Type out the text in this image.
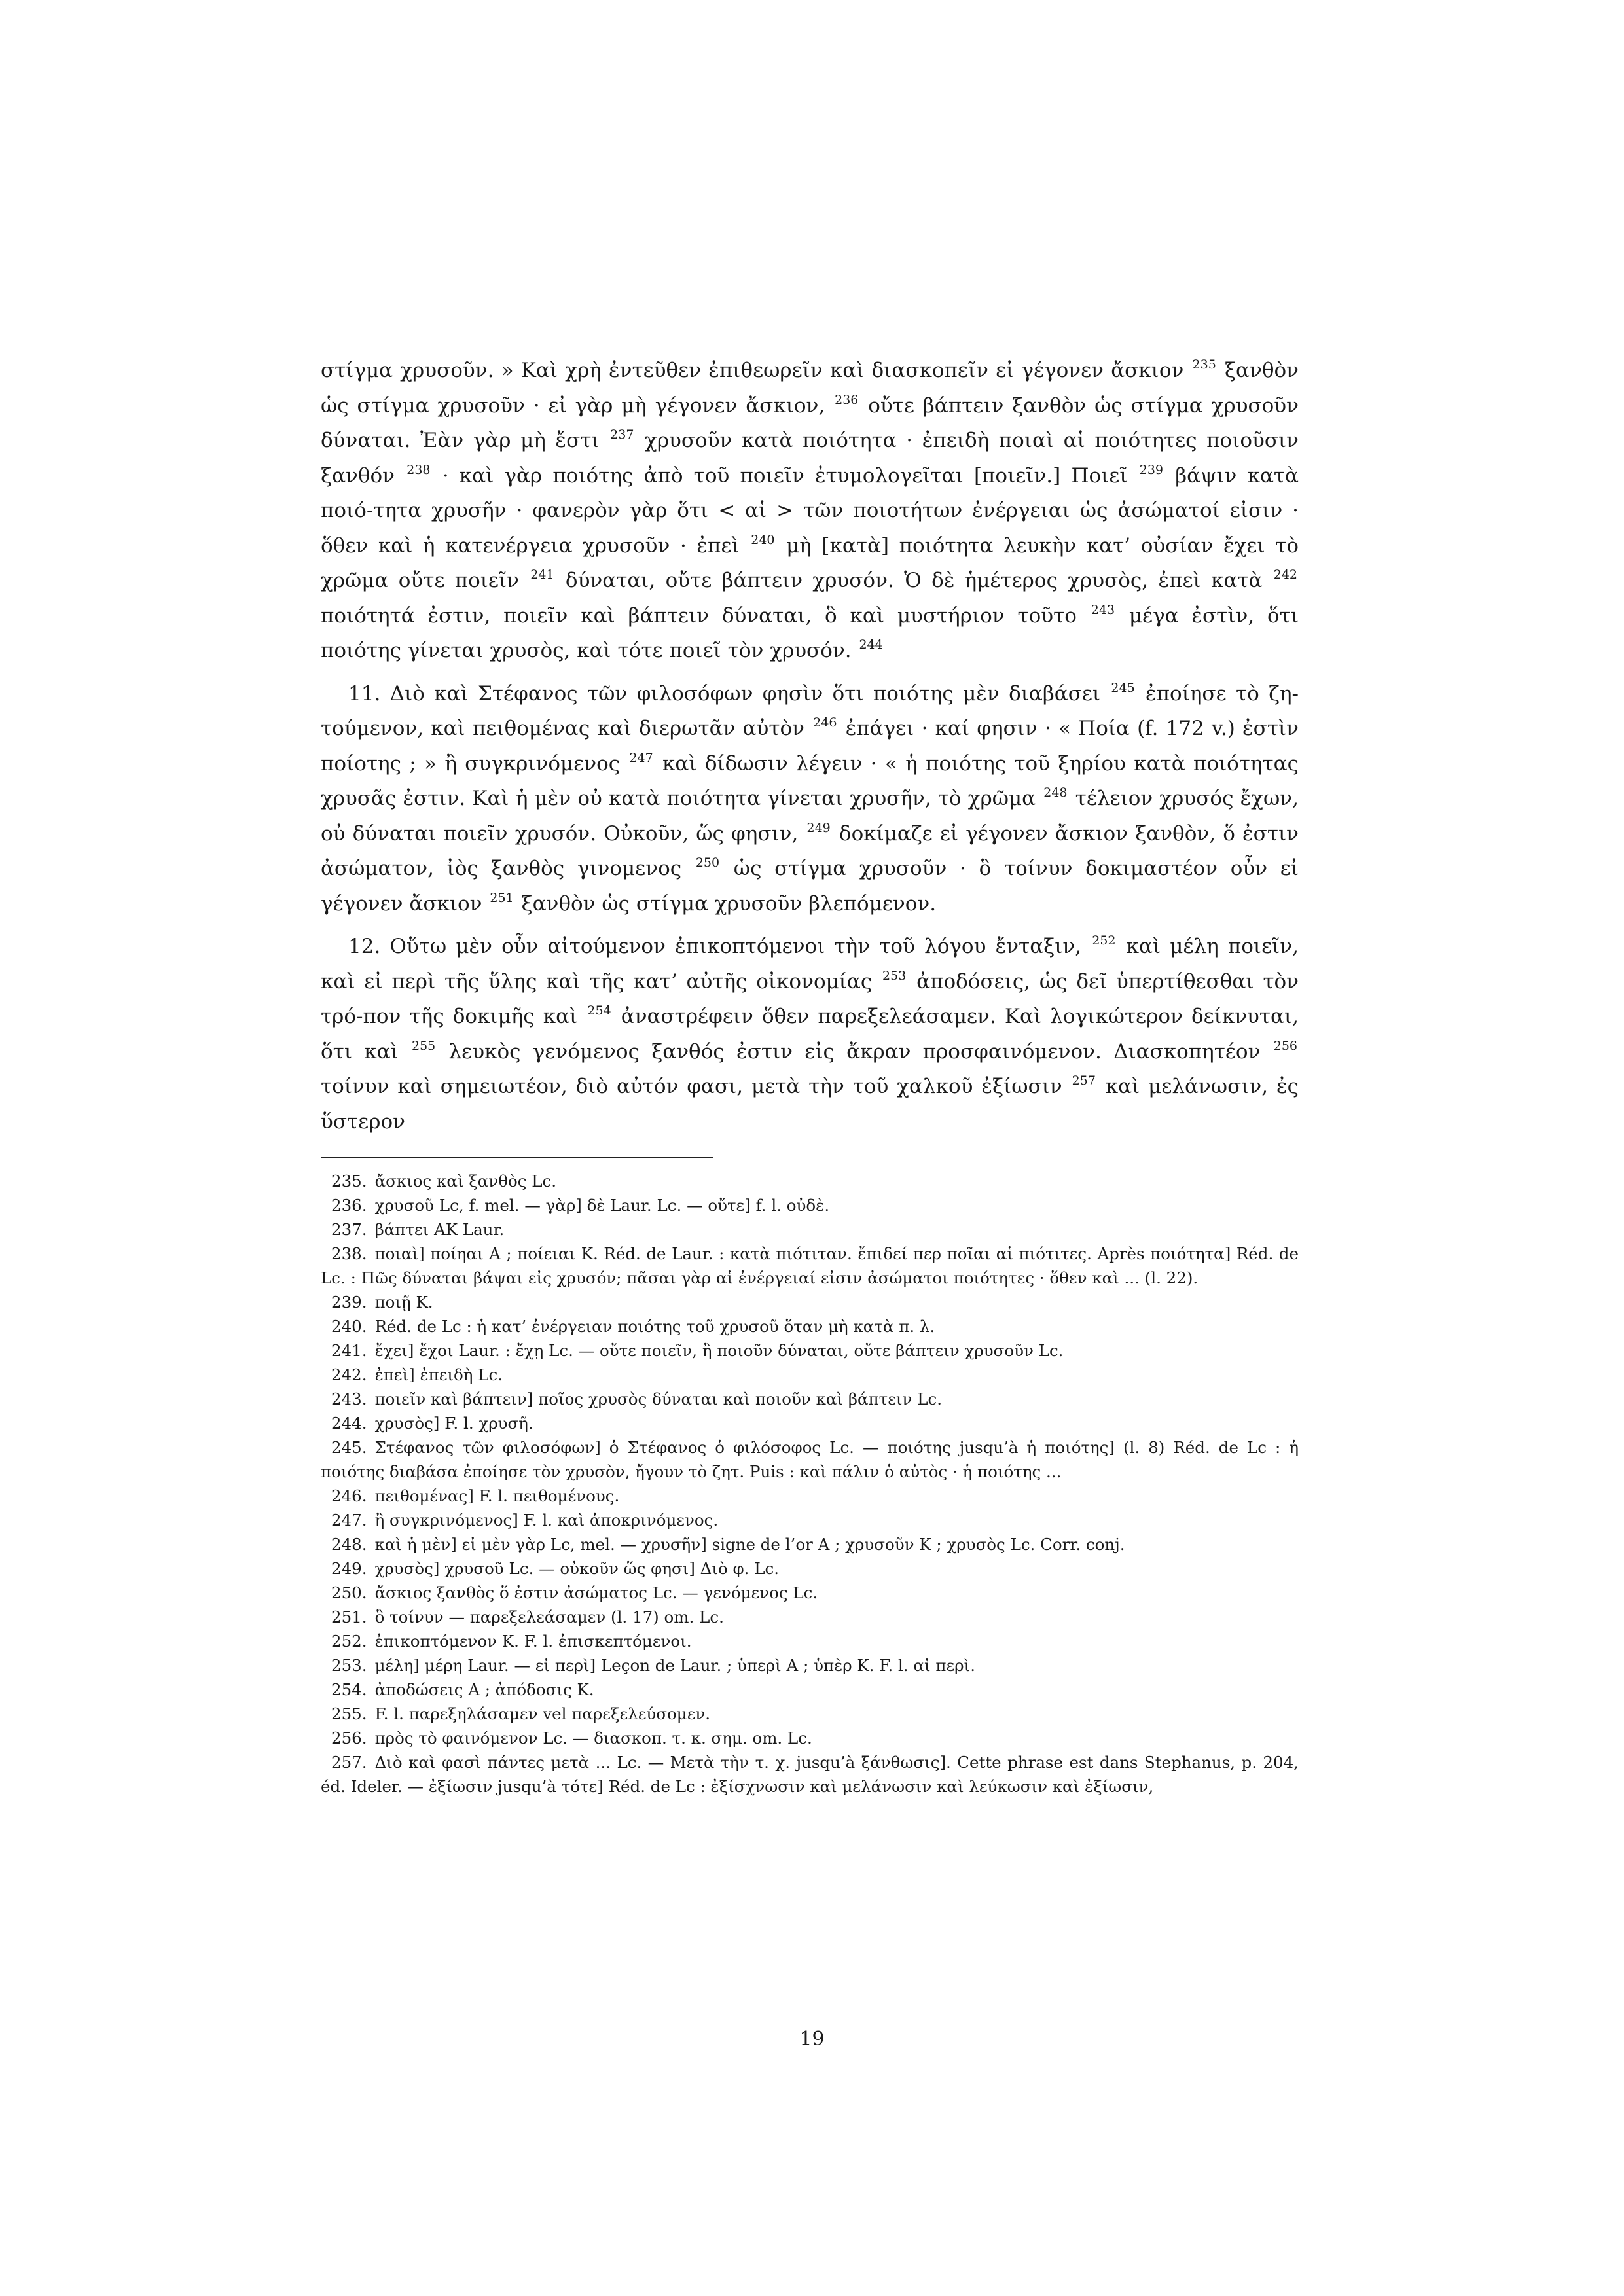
στίγμα χρυσοῦν. » Καὶ χρὴ ἐντεῦθεν ἐπιθεωρεῖν καὶ διασκοπεῖν εἰ γέγονεν ἄσκιον $^{235}$ ξανθὸν ὡς στίγμα χρυσοῦν · εἰ γὰρ μὴ γέγονεν ἄσκιον, $^{236}$ οὔτε βάπτειν ξανθὸν ὡς στίγμα χρυσοῦν δύναται. Ἐὰν γὰρ μὴ ἔστι $^{237}$ χρυσοῦν κατὰ ποιότητα · ἐπειδὴ ποιαὶ αἱ ποιότητες ποιοῦσιν ξανθόν $^{238}$ · καὶ γὰρ ποιότης ἀπὸ τοῦ ποιεῖν ἐτυμολογεῖται [ποιεῖν.] Ποιεῖ $^{239}$ βάψιν κατὰ ποιό-τητα χρυσῆν · φανερὸν γὰρ ὅτι < αἱ > τῶν ποιοτήτων ἐνέργειαι ὡς ἀσώματοί εἰσιν · ὅθεν καὶ ἡ κατενέργεια χρυσοῦν · ἐπεὶ $^{240}$ μὴ [κατὰ] ποιότητα λευκὴν κατ’ οὐσίαν ἔχει τὸ χρῶμα οὔτε ποιεῖν $^{241}$ δύναται, οὔτε βάπτειν χρυσόν. Ὁ δὲ ἡμέτερος χρυσὸς, ἐπεὶ κατὰ $^{242}$ ποιότητά ἐστιν, ποιεῖν καὶ βάπτειν δύναται, ὃ καὶ μυστήριον τοῦτο $^{243}$ μέγα ἐστὶν, ὅτι ποιότης γίνεται χρυσὸς, καὶ τότε ποιεῖ τὸν χρυσόν. $^{244}$

11. Διὸ καὶ Στέφανος τῶν φιλοσόφων φησὶν ὅτι ποιότης μὲν διαβάσει $^{245}$ ἐποίησε τὸ ζη-τούμενον, καὶ πειθομένας καὶ διερωτᾶν αὐτὸν $^{246}$ ἐπάγει · καί φησιν · « Ποία (f. 172 v.) ἐστὶν ποίοτης ; » ἢ συγκρινόμενος $^{247}$ καὶ δίδωσιν λέγειν · « ἡ ποιότης τοῦ ξηρίου κατὰ ποιότητας χρυσᾶς ἐστιν. Καὶ ἡ μὲν οὐ κατὰ ποιότητα γίνεται χρυσῆν, τὸ χρῶμα $^{248}$ τέλειον χρυσός ἔχων, οὐ δύναται ποιεῖν χρυσόν. Οὐκοῦν, ὥς φησιν, $^{249}$ δοκίμαζε εἰ γέγονεν ἄσκιον ξανθὸν, ὅ ἐστιν ἀσώματον, ἰὸς ξανθὸς γινομενος $^{250}$ ὡς στίγμα χρυσοῦν · ὃ τοίνυν δοκιμαστέον οὖν εἰ γέγονεν ἄσκιον $^{251}$ ξανθὸν ὡς στίγμα χρυσοῦν βλεπόμενον.

12. Οὕτω μὲν οὖν αἰτούμενον ἐπικοπτόμενοι τὴν τοῦ λόγου ἔνταξιν, $^{252}$ καὶ μέλη ποιεῖν, καὶ εἰ περὶ τῆς ὕλης καὶ τῆς κατ’ αὐτῆς οἰκονομίας $^{253}$ ἀποδόσεις, ὡς δεῖ ὑπερτίθεσθαι τὸν τρό-πον τῆς δοκιμῆς καὶ $^{254}$ ἀναστρέφειν ὅθεν παρεξελεάσαμεν. Καὶ λογικώτερον δείκνυται, ὅτι καὶ $^{255}$ λευκὸς γενόμενος ξανθός ἐστιν εἰς ἄκραν προσφαινόμενον. Διασκοπητέον $^{256}$ τοίνυν καὶ σημειωτέον, διὸ αὐτόν φασι, μετὰ τὴν τοῦ χαλκοῦ ἐξίωσιν $^{257}$ καὶ μελάνωσιν, ἐς ὕστερον

235. ἄσκιος καὶ ξανθὸς Lc.

236. χρυσοῦ Lc, f. mel. — γὰρ] δὲ Laur. Lc. — οὔτε] f. l. οὐδὲ.

237. βάπτει AK Laur.

238. ποιαὶ] ποίηαι A ; ποίειαι K. Réd. de Laur. : κατὰ πιότιταν. ἔπιδεί περ ποῖαι αἱ πιότιτες. Après ποιότητα] Réd. de Lc. : Πῶς δύναται βάψαι εἰς χρυσόν; πᾶσαι γὰρ αἱ ἐνέργειαί εἰσιν ἀσώματοι ποιότητες · ὅθεν καὶ ... (l. 22).

239. ποιῇ K.

240. Réd. de Lc : ἡ κατ’ ἐνέργειαν ποιότης τοῦ χρυσοῦ ὅταν μὴ κατὰ π. λ.

241. ἔχει] ἔχοι Laur. : ἔχῃ Lc. — οὔτε ποιεῖν, ἢ ποιοῦν δύναται, οὔτε βάπτειν χρυσοῦν Lc.

242. ἐπεὶ] ἐπειδὴ Lc.

243. ποιεῖν καὶ βάπτειν] ποῖος χρυσὸς δύναται καὶ ποιοῦν καὶ βάπτειν Lc.

244. χρυσὸς] F. l. χρυσῆ.

245. Στέφανος τῶν φιλοσόφων] ὁ Στέφανος ὁ φιλόσοφος Lc. — ποιότης jusqu’à ἡ ποιότης] (l. 8) Réd. de Lc : ἡ ποιότης διαβάσα ἐποίησε τὸν χρυσὸν, ἤγουν τὸ ζητ. Puis : καὶ πάλιν ὁ αὐτὸς · ἡ ποιότης ...

246. πειθομένας] F. l. πειθομένους.

247. ἢ συγκρινόμενος] F. l. καὶ ἀποκρινόμενος.

248. καὶ ἡ μὲν] εἰ μὲν γὰρ Lc, mel. — χρυσῆν] signe de l’or A ; χρυσοῦν K ; χρυσὸς Lc. Corr. conj.

249. χρυσὸς] χρυσοῦ Lc. — οὐκοῦν ὥς φησι] Διὸ φ. Lc.

250. ἄσκιος ξανθὸς ὅ ἐστιν ἀσώματος Lc. — γενόμενος Lc.

251. ὃ τοίνυν — παρεξελεάσαμεν (l. 17) om. Lc.

252. ἐπικοπτόμενον K. F. l. ἐπισκεπτόμενοι.

253. μέλη] μέρη Laur. — εἰ περὶ] Leçon de Laur. ; ὑπερὶ A ; ὑπὲρ K. F. l. αἱ περὶ.

254. ἀποδώσεις A ; ἀπόδοσις K.

255. F. l. παρεξηλάσαμεν vel παρεξελεύσομεν.

256. πρὸς τὸ φαινόμενον Lc. — διασκοπ. τ. κ. σημ. om. Lc.

257. Διὸ καὶ φασὶ πάντες μετὰ ... Lc. — Μετὰ τὴν τ. χ. jusqu’à ξάνθωσις]. Cette phrase est dans Stephanus, p. 204, éd. Ideler. — ἐξίωσιν jusqu’à τότε] Réd. de Lc : ἐξίσχνωσιν καὶ μελάνωσιν καὶ λεύκωσιν καὶ ἐξίωσιν,

19
